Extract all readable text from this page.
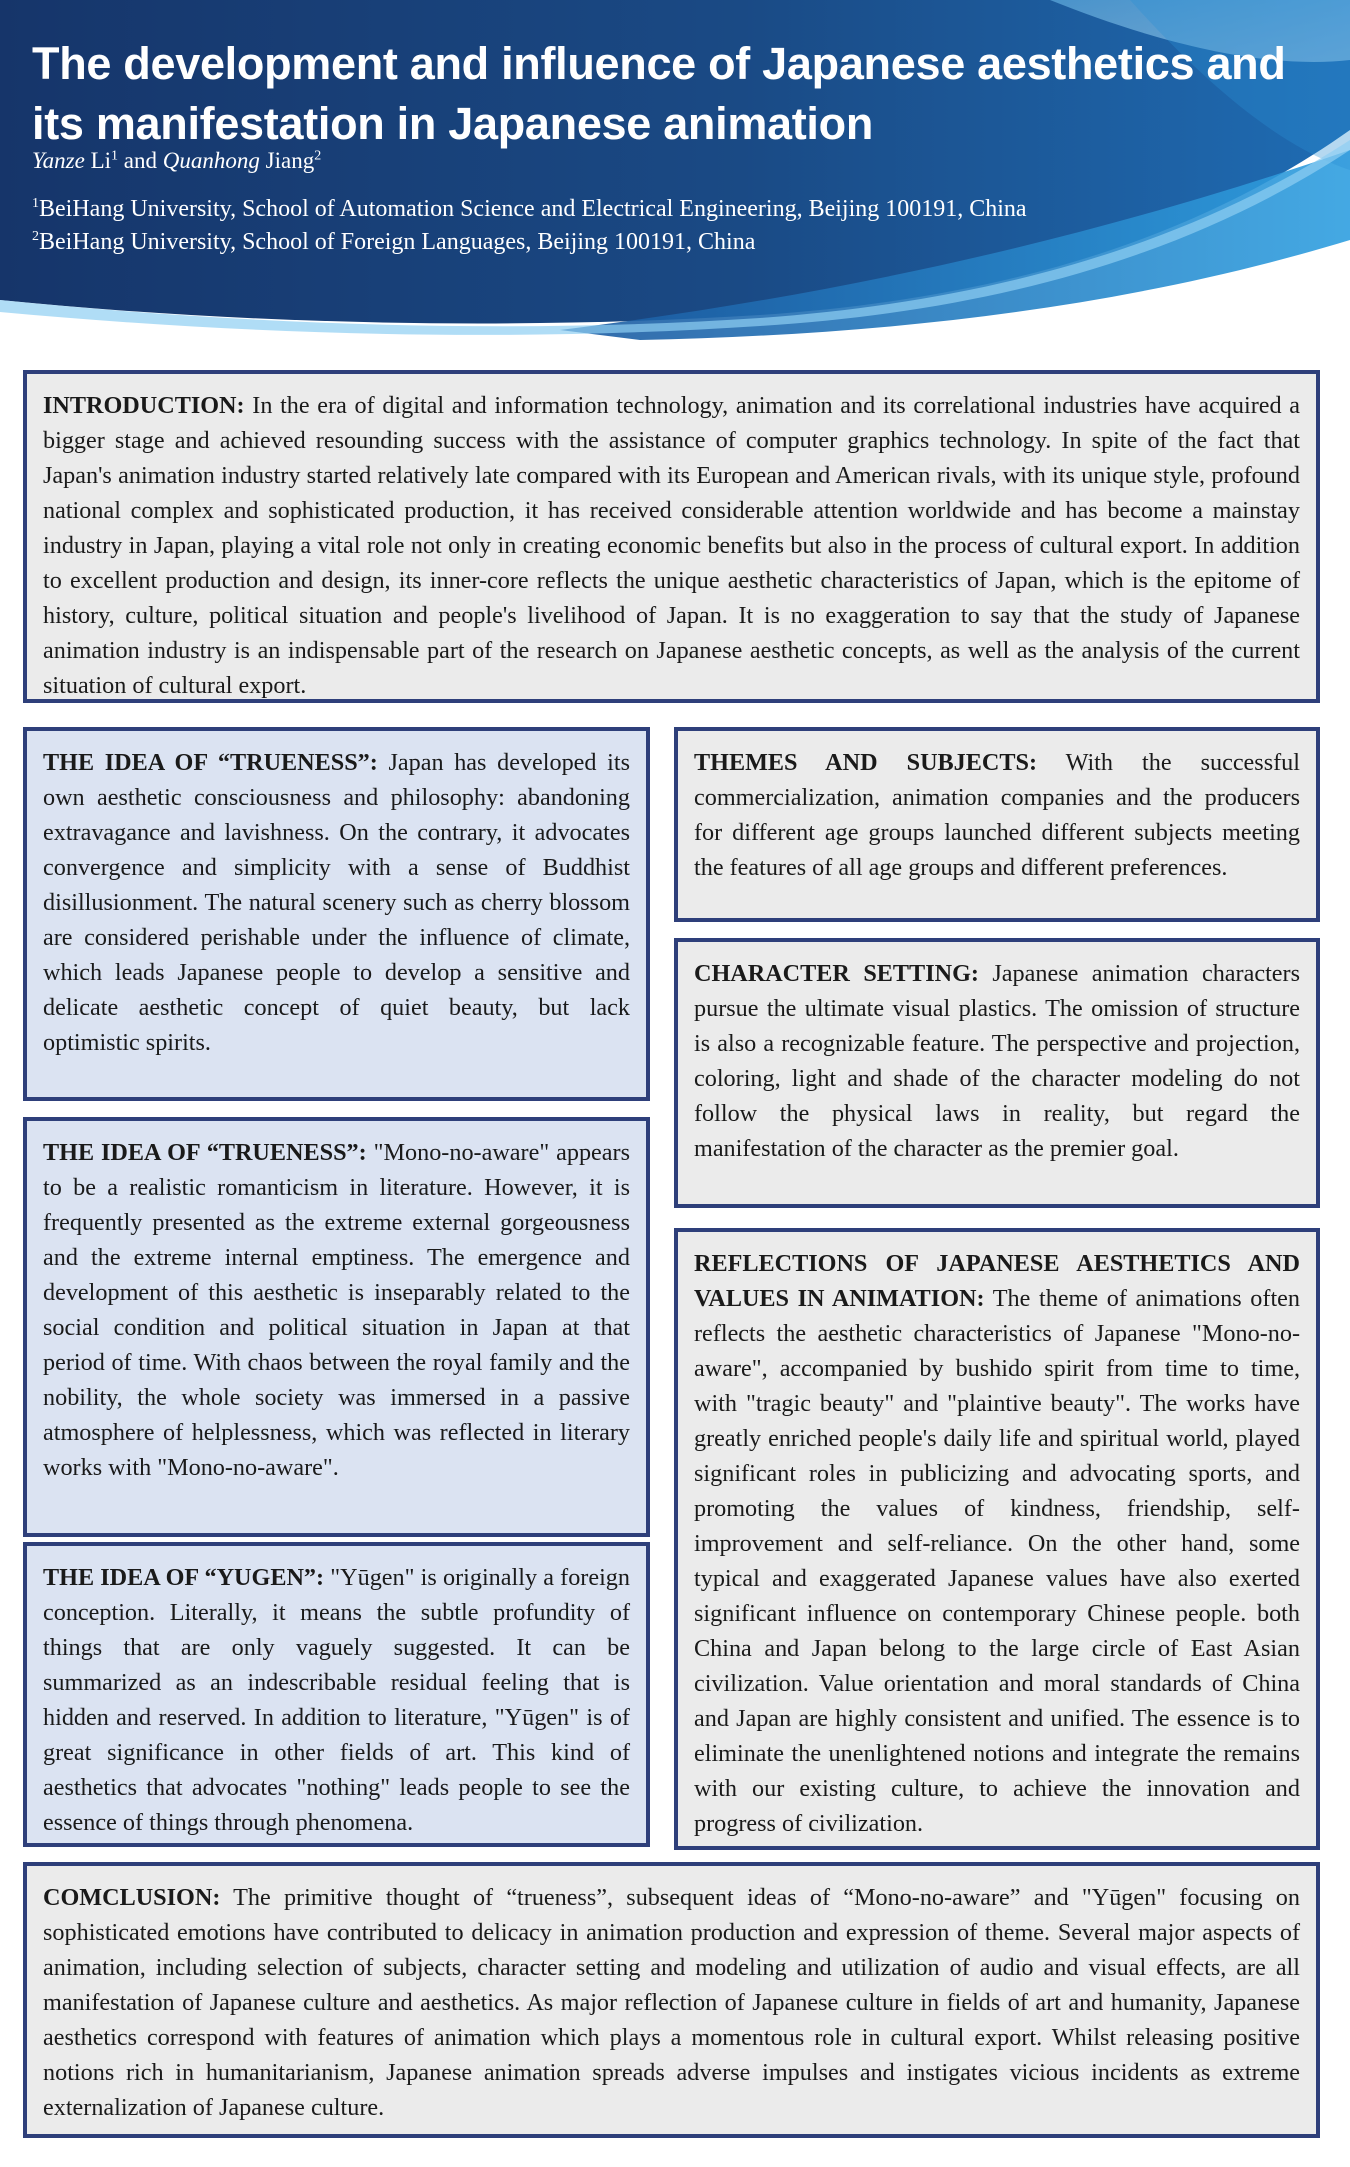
The development and influence of Japanese aesthetics and its manifestation in Japanese animation
Yanze Li$^1$ and Quanhong Jiang$^2$
$^1$BeiHang University, School of Automation Science and Electrical Engineering, Beijing 100191, China
$^2$BeiHang University, School of Foreign Languages, Beijing 100191, China
INTRODUCTION: In the era of digital and information technology, animation and its correlational industries have acquired a bigger stage and achieved resounding success with the assistance of computer graphics technology. In spite of the fact that Japan's animation industry started relatively late compared with its European and American rivals, with its unique style, profound national complex and sophisticated production, it has received considerable attention worldwide and has become a mainstay industry in Japan, playing a vital role not only in creating economic benefits but also in the process of cultural export. In addition to excellent production and design, its inner-core reflects the unique aesthetic characteristics of Japan, which is the epitome of history, culture, political situation and people's livelihood of Japan. It is no exaggeration to say that the study of Japanese animation industry is an indispensable part of the research on Japanese aesthetic concepts, as well as the analysis of the current situation of cultural export.
THE IDEA OF “TRUENESS”: Japan has developed its own aesthetic consciousness and philosophy: abandoning extravagance and lavishness. On the contrary, it advocates convergence and simplicity with a sense of Buddhist disillusionment. The natural scenery such as cherry blossom are considered perishable under the influence of climate, which leads Japanese people to develop a sensitive and delicate aesthetic concept of quiet beauty, but lack optimistic spirits.
THE IDEA OF “TRUENESS”: "Mono-no-aware" appears to be a realistic romanticism in literature. However, it is frequently presented as the extreme external gorgeousness and the extreme internal emptiness. The emergence and development of this aesthetic is inseparably related to the social condition and political situation in Japan at that period of time. With chaos between the royal family and the nobility, the whole society was immersed in a passive atmosphere of helplessness, which was reflected in literary works with "Mono-no-aware".
THE IDEA OF “YUGEN”: "Yūgen" is originally a foreign conception. Literally, it means the subtle profundity of things that are only vaguely suggested. It can be summarized as an indescribable residual feeling that is hidden and reserved. In addition to literature, "Yūgen" is of great significance in other fields of art. This kind of aesthetics that advocates "nothing" leads people to see the essence of things through phenomena.
THEMES AND SUBJECTS: With the successful commercialization, animation companies and the producers for different age groups launched different subjects meeting the features of all age groups and different preferences.
CHARACTER SETTING: Japanese animation characters pursue the ultimate visual plastics. The omission of structure is also a recognizable feature. The perspective and projection, coloring, light and shade of the character modeling do not follow the physical laws in reality, but regard the manifestation of the character as the premier goal.
REFLECTIONS OF JAPANESE AESTHETICS AND VALUES IN ANIMATION: The theme of animations often reflects the aesthetic characteristics of Japanese "Mono-no-aware", accompanied by bushido spirit from time to time, with "tragic beauty" and "plaintive beauty". The works have greatly enriched people's daily life and spiritual world, played significant roles in publicizing and advocating sports, and promoting the values of kindness, friendship, self-improvement and self-reliance. On the other hand, some typical and exaggerated Japanese values have also exerted significant influence on contemporary Chinese people. both China and Japan belong to the large circle of East Asian civilization. Value orientation and moral standards of China and Japan are highly consistent and unified. The essence is to eliminate the unenlightened notions and integrate the remains with our existing culture, to achieve the innovation and progress of civilization.
COMCLUSION: The primitive thought of “trueness”, subsequent ideas of “Mono-no-aware” and "Yūgen" focusing on sophisticated emotions have contributed to delicacy in animation production and expression of theme. Several major aspects of animation, including selection of subjects, character setting and modeling and utilization of audio and visual effects, are all manifestation of Japanese culture and aesthetics. As major reflection of Japanese culture in fields of art and humanity, Japanese aesthetics correspond with features of animation which plays a momentous role in cultural export. Whilst releasing positive notions rich in humanitarianism, Japanese animation spreads adverse impulses and instigates vicious incidents as extreme externalization of Japanese culture.
